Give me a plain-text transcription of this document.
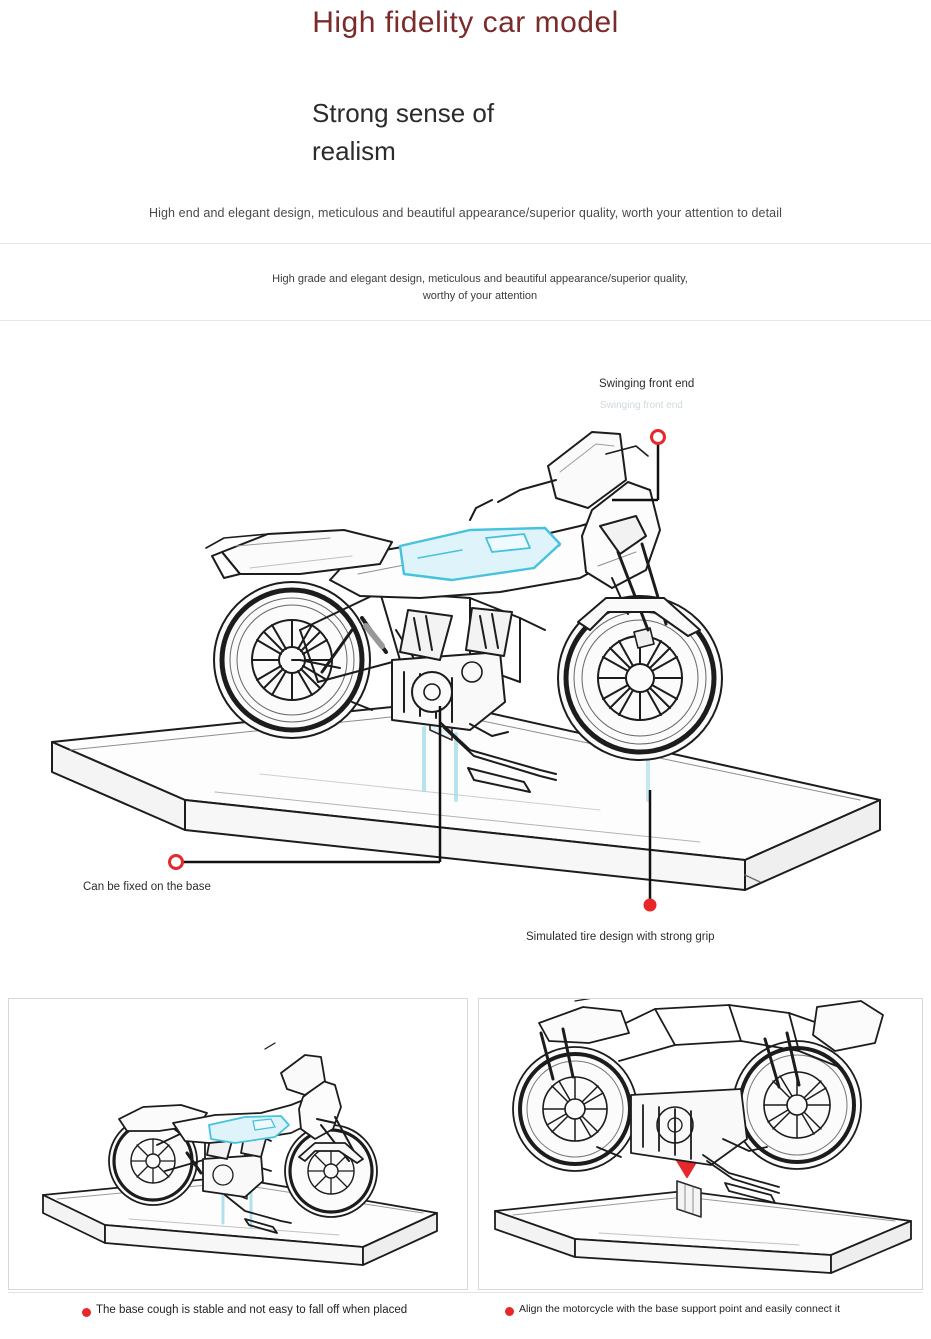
High fidelity car model
Strong sense of
realism
High end and elegant design, meticulous and beautiful appearance/superior quality, worth your attention to detail
High grade and elegant design, meticulous and beautiful appearance/superior quality,
worthy of your attention
Swinging front end
Swinging front end
Can be fixed on the base
Simulated tire design with strong grip
The base cough is stable and not easy to fall off when placed	Align the motorcycle with the base support point and easily connect it
